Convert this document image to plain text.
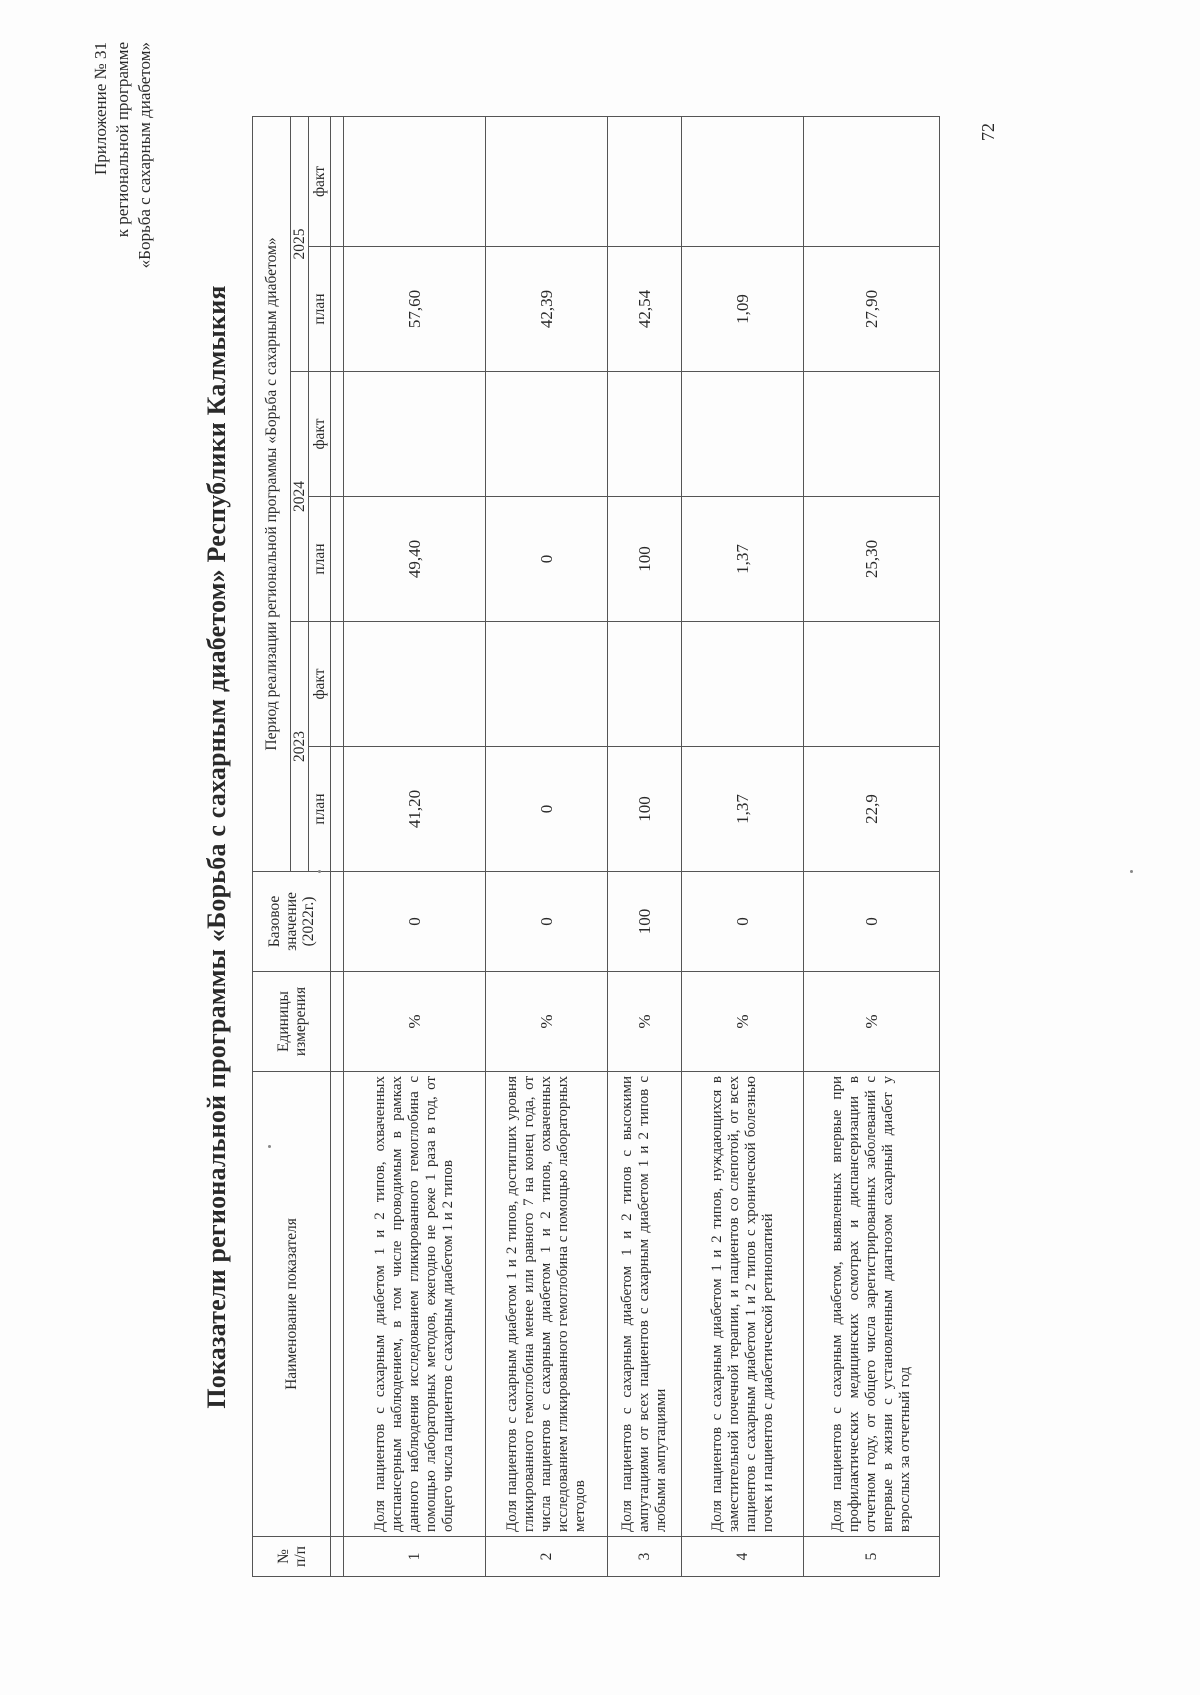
Приложение № 31 к региональной программе «Борьба с сахарным диабетом»
Показатели региональной программы «Борьба с сахарным диабетом» Республики Калмыкия
№ п/п	Наименование показателя	Единицы измерения	Базовое значение (2022г.)	Период реализации региональной программы «Борьба с сахарным диабетом»					
				2023		2024		2025	
				план	факт	план	факт	план	факт

1	Доля пациентов с сахарным диабетом 1 и 2 типов, охваченных диспансерным наблюдением, в том числе проводимым в рамках данного наблюдения исследованием гликированного гемоглобина с помощью лабораторных методов, ежегодно не реже 1 раза в год, от общего числа пациентов с сахарным диабетом 1 и 2 типов	%	0	41,20		49,40		57,60	
2	Доля пациентов с сахарным диабетом 1 и 2 типов, достигших уровня гликированного гемоглобина менее или равного 7 на конец года, от числа пациентов с сахарным диабетом 1 и 2 типов, охваченных исследованием гликированного гемоглобина с помощью лабораторных методов	%	0	0		0		42,39	
3	Доля пациентов с сахарным диабетом 1 и 2 типов с высокими ампутациями от всех пациентов с сахарным диабетом 1 и 2 типов с любыми ампутациями	%	100	100		100		42,54	
4	Доля пациентов с сахарным диабетом 1 и 2 типов, нуждающихся в заместительной почечной терапии, и пациентов со слепотой, от всех пациентов с сахарным диабетом 1 и 2 типов с хронической болезнью почек и пациентов с диабетической ретинопатией	%	0	1,37		1,37		1,09	
5	Доля пациентов с сахарным диабетом, выявленных впервые при профилактических медицинских осмотрах и диспансеризации в отчетном году, от общего числа зарегистрированных заболеваний с впервые в жизни с установленным диагнозом сахарный диабет у взрослых за отчетный год	%	0	22,9		25,30		27,90	
72
